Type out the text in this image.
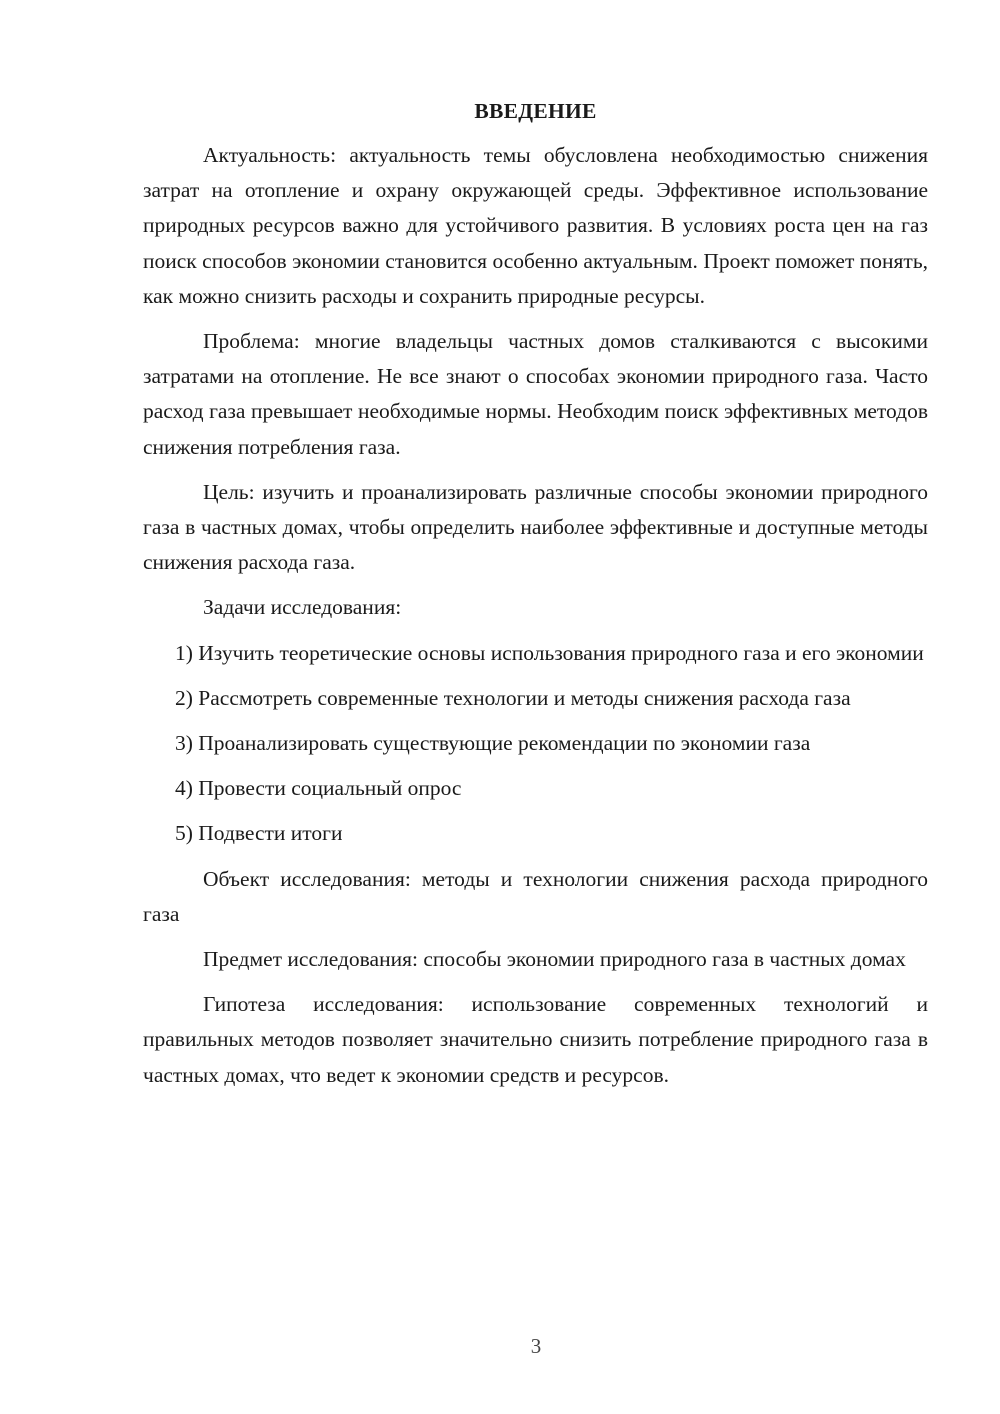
ВВЕДЕНИЕ

Актуальность: актуальность темы обусловлена необходимостью снижения затрат на отопление и охрану окружающей среды. Эффективное использование природных ресурсов важно для устойчивого развития. В условиях роста цен на газ поиск способов экономии становится особенно актуальным. Проект поможет понять, как можно снизить расходы и сохранить природные ресурсы.

Проблема: многие владельцы частных домов сталкиваются с высокими затратами на отопление. Не все знают о способах экономии природного газа. Часто расход газа превышает необходимые нормы. Необходим поиск эффективных методов снижения потребления газа.

Цель: изучить и проанализировать различные способы экономии природного газа в частных домах, чтобы определить наиболее эффективные и доступные методы снижения расхода газа.

Задачи исследования:

1) Изучить теоретические основы использования природного газа и его экономии

2) Рассмотреть современные технологии и методы снижения расхода газа

3) Проанализировать существующие рекомендации по экономии газа

4) Провести социальный опрос

5) Подвести итоги

Объект исследования: методы и технологии снижения расхода природного газа

Предмет исследования: способы экономии природного газа в частных домах

Гипотеза исследования: использование современных технологий и правильных методов позволяет значительно снизить потребление природного газа в частных домах, что ведет к экономии средств и ресурсов.

3
